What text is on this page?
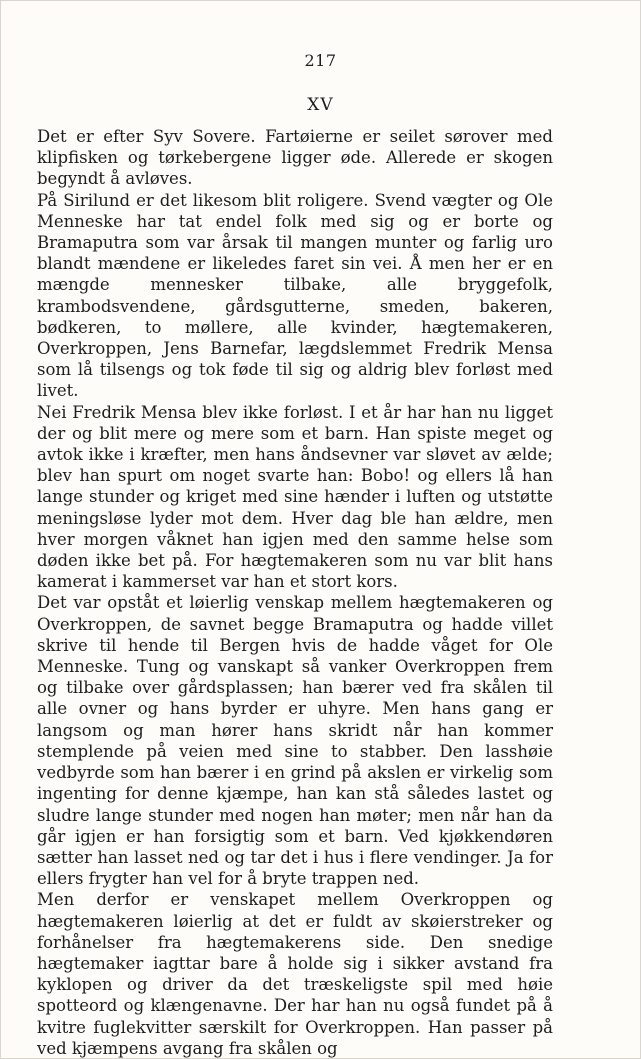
217
XV

Det er efter Syv Sovere. Fartøierne er seilet sørover med klipfisken og tørkebergene ligger øde. Allerede er skogen begyndt å avløves.

På Sirilund er det likesom blit roligere. Svend vægter og Ole Menneske har tat endel folk med sig og er borte og Bramaputra som var årsak til mangen munter og farlig uro blandt mændene er likeledes faret sin vei. Å men her er en mængde mennesker tilbake, alle bryggefolk, krambodsvendene, gårdsgutterne, smeden, bakeren, bødkeren, to møllere, alle kvinder, hægtemakeren, Overkroppen, Jens Barnefar, lægdslemmet Fredrik Mensa som lå tilsengs og tok føde til sig og aldrig blev forløst med livet.

Nei Fredrik Mensa blev ikke forløst. I et år har han nu ligget der og blit mere og mere som et barn. Han spiste meget og avtok ikke i kræfter, men hans åndsevner var sløvet av ælde; blev han spurt om noget svarte han: Bobo! og ellers lå han lange stunder og kriget med sine hænder i luften og utstøtte meningsløse lyder mot dem. Hver dag ble han ældre, men hver morgen våknet han igjen med den samme helse som døden ikke bet på. For hægtemakeren som nu var blit hans kamerat i kammerset var han et stort kors.

Det var opståt et løierlig venskap mellem hægtemakeren og Overkroppen, de savnet begge Bramaputra og hadde villet skrive til hende til Bergen hvis de hadde våget for Ole Menneske. Tung og vanskapt så vanker Overkroppen frem og tilbake over gårdsplassen; han bærer ved fra skålen til alle ovner og hans byrder er uhyre. Men hans gang er langsom og man hører hans skridt når han kommer stemplende på veien med sine to stabber. Den lasshøie vedbyrde som han bærer i en grind på akslen er virkelig som ingenting for denne kjæmpe, han kan stå således lastet og sludre lange stunder med nogen han møter; men når han da går igjen er han forsigtig som et barn. Ved kjøkkendøren sætter han lasset ned og tar det i hus i flere vendinger. Ja for ellers frygter han vel for å bryte trappen ned.

Men derfor er venskapet mellem Overkroppen og hægtemakeren løierlig at det er fuldt av skøierstreker og forhånelser fra hægtemakerens side. Den snedige hægtemaker iagttar bare å holde sig i sikker avstand fra kyklopen og driver da det træskeligste spil med høie spotteord og klængenavne. Der har han nu også fundet på å kvitre fuglekvitter særskilt for Overkroppen. Han passer på ved kjæmpens avgang fra skålen og
